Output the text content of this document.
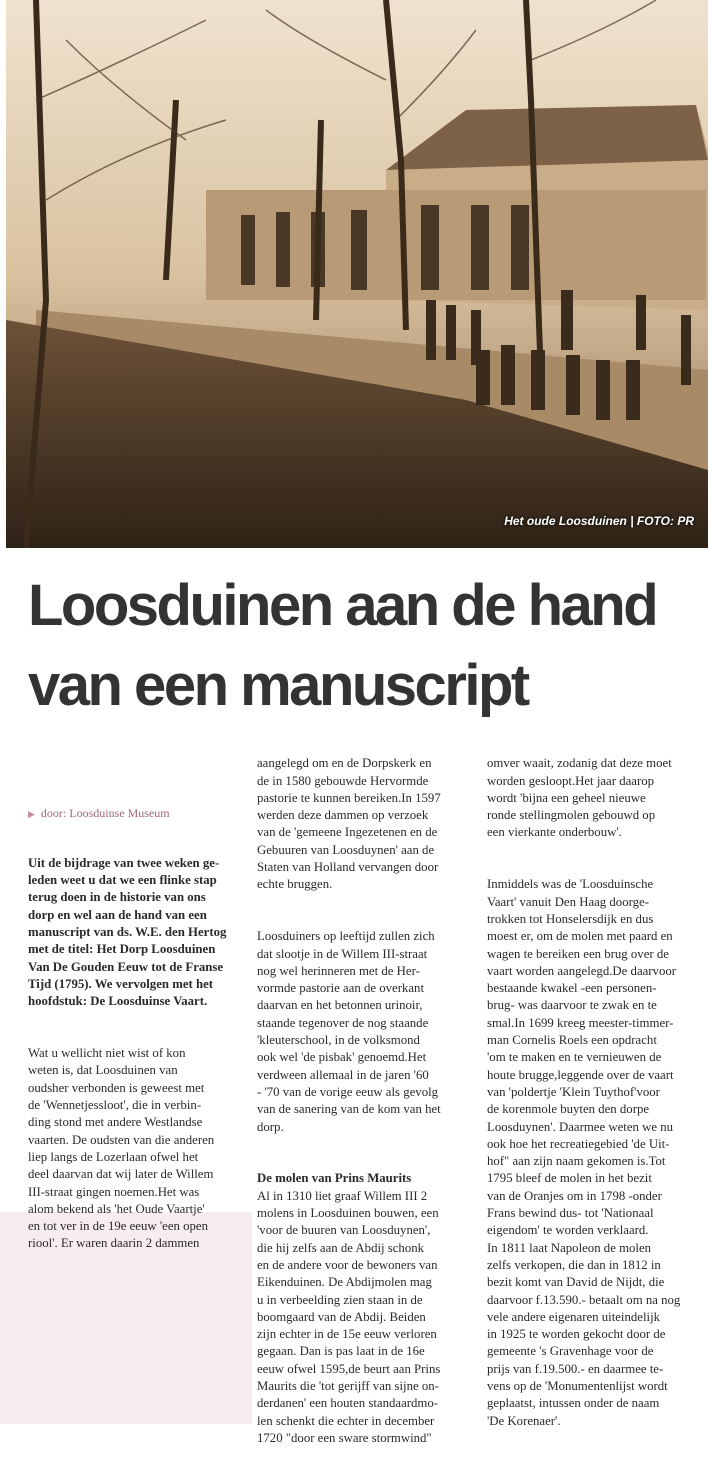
Het oude Loosduinen | FOTO: PR
Loosduinen aan de hand
van een manuscript

▶ door: Loosduinse Museum

Uit de bijdrage van twee weken ge-
leden weet u dat we een flinke stap
terug doen in de historie van ons
dorp en wel aan de hand van een
manuscript van ds. W.E. den Hertog
met de titel: Het Dorp Loosduinen
Van De Gouden Eeuw tot de Franse
Tijd (1795). We vervolgen met het
hoofdstuk: De Loosduinse Vaart.

Wat u wellicht niet wist of kon
weten is, dat Loosduinen van
oudsher verbonden is geweest met
de 'Wennetjessloot', die in verbin-
ding stond met andere Westlandse
vaarten. De oudsten van die anderen
liep langs de Lozerlaan ofwel het
deel daarvan dat wij later de Willem
III-straat gingen noemen.Het was
alom bekend als 'het Oude Vaartje'
en tot ver in de 19e eeuw 'een open
riool'. Er waren daarin 2 dammen

aangelegd om en de Dorpskerk en
de in 1580 gebouwde Hervormde
pastorie te kunnen bereiken.In 1597
werden deze dammen op verzoek
van de 'gemeene Ingezetenen en de
Gebuuren van Loosduynen' aan de
Staten van Holland vervangen door
echte bruggen.

Loosduiners op leeftijd zullen zich
dat slootje in de Willem III-straat
nog wel herinneren met de Her-
vormde pastorie aan de overkant
daarvan en het betonnen urinoir,
staande tegenover de nog staande
'kleuterschool, in de volksmond
ook wel 'de pisbak' genoemd.Het
verdween allemaal in de jaren '60
- '70 van de vorige eeuw als gevolg
van de sanering van de kom van het
dorp.

De molen van Prins Maurits
Al in 1310 liet graaf Willem III 2
molens in Loosduinen bouwen, een
'voor de buuren van Loosduynen',
die hij zelfs aan de Abdij schonk
en de andere voor de bewoners van
Eikenduinen. De Abdijmolen mag
u in verbeelding zien staan in de
boomgaard van de Abdij. Beiden
zijn echter in de 15e eeuw verloren
gegaan. Dan is pas laat in de 16e
eeuw ofwel 1595,de beurt aan Prins
Maurits die 'tot gerijff van sijne on-
derdanen' een houten standaardmo-
len schenkt die echter in december
1720 "door een sware stormwind"

omver waait, zodanig dat deze moet
worden gesloopt.Het jaar daarop
wordt 'bijna een geheel nieuwe
ronde stellingmolen gebouwd op
een vierkante onderbouw'.

Inmiddels was de 'Loosduinsche
Vaart' vanuit Den Haag doorge-
trokken tot Honselersdijk en dus
moest er, om de molen met paard en
wagen te bereiken een brug over de
vaart worden aangelegd.De daarvoor
bestaande kwakel -een personen-
brug- was daarvoor te zwak en te
smal.In 1699 kreeg meester-timmer-
man Cornelis Roels een opdracht
'om te maken en te vernieuwen de
houte brugge,leggende over de vaart
van 'poldertje 'Klein Tuythof'voor
de korenmole buyten den dorpe
Loosduynen'. Daarmee weten we nu
ook hoe het recreatiegebied 'de Uit-
hof" aan zijn naam gekomen is.Tot
1795 bleef de molen in het bezit
van de Oranjes om in 1798 -onder
Frans bewind dus- tot 'Nationaal
eigendom' te worden verklaard.
In 1811 laat Napoleon de molen
zelfs verkopen, die dan in 1812 in
bezit komt van David de Nijdt, die
daarvoor f.13.590.- betaalt om na nog
vele andere eigenaren uiteindelijk
in 1925 te worden gekocht door de
gemeente 's Gravenhage voor de
prijs van f.19.500.- en daarmee te-
vens op de 'Monumentenlijst wordt
geplaatst, intussen onder de naam
'De Korenaer'.
